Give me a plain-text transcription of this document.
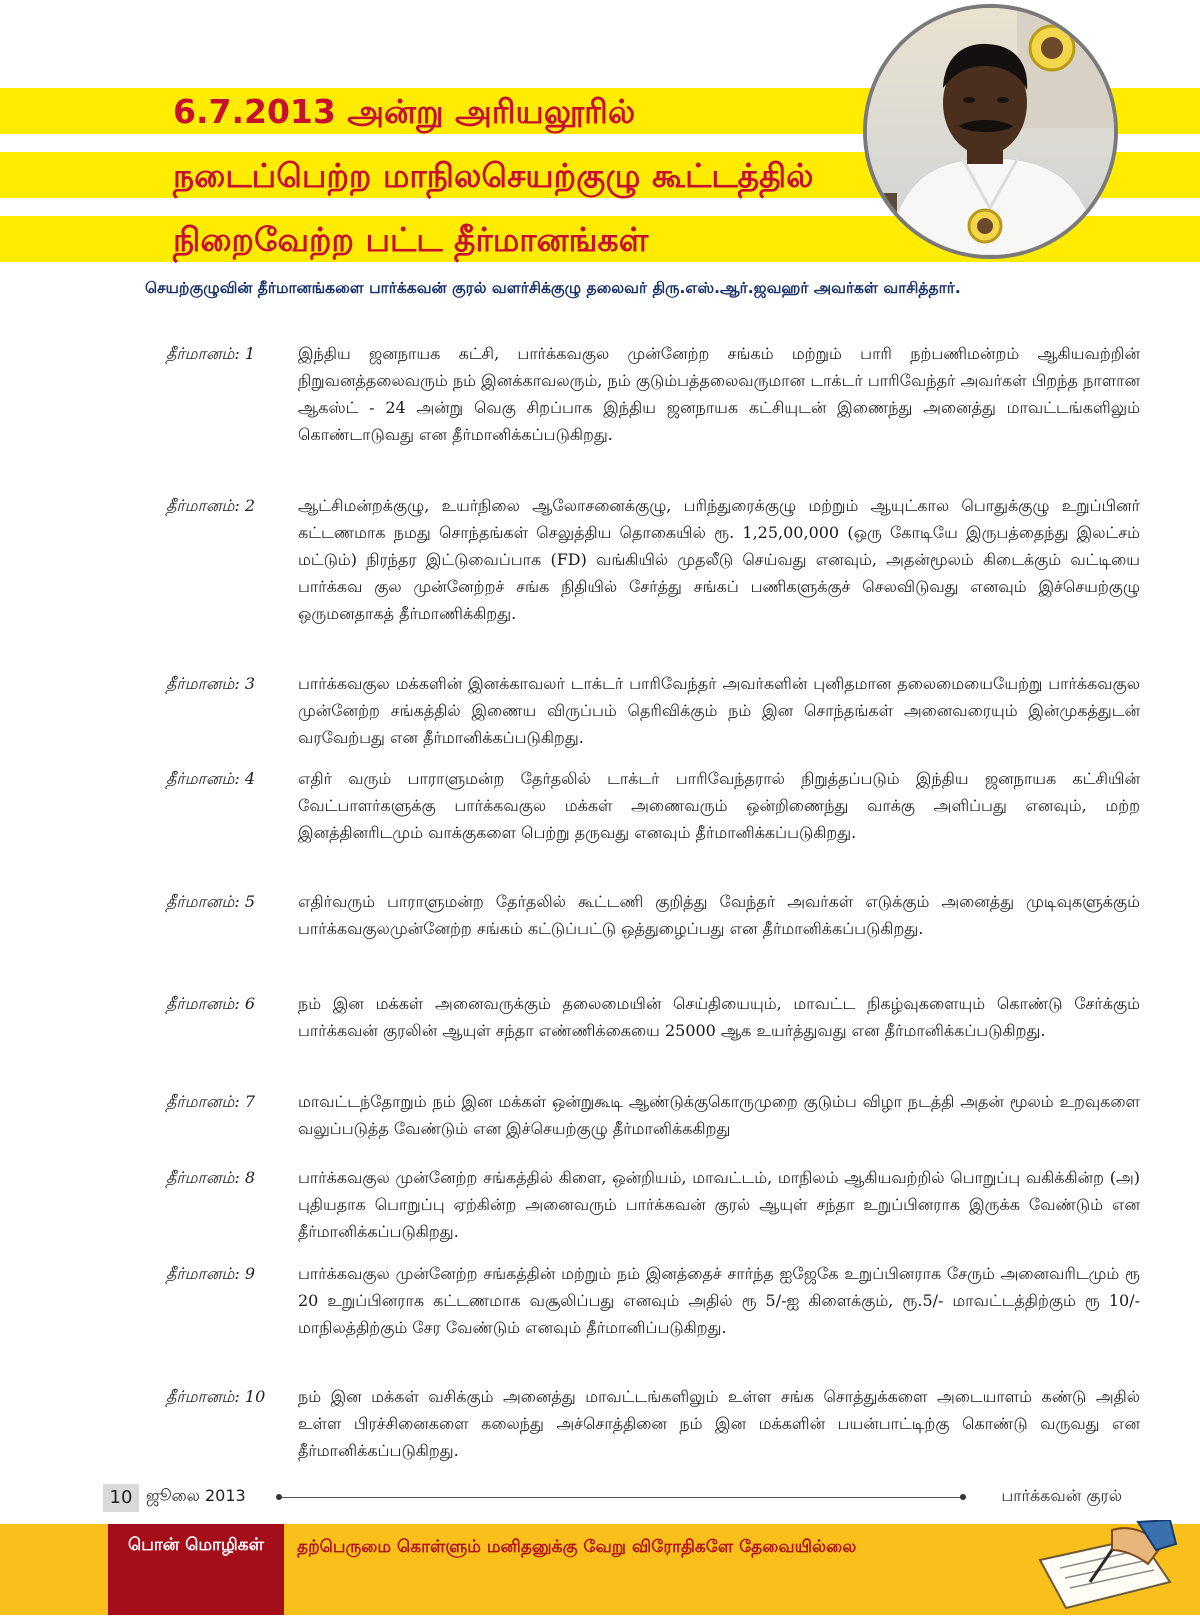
6.7.2013 அன்று அரியலூரில்
நடைப்பெற்ற மாநிலசெயற்குழு கூட்டத்தில்
நிறைவேற்ற பட்ட தீர்மானங்கள்

செயற்குழுவின் தீர்மானங்களை பார்க்கவன் குரல் வளர்சிக்குழு தலைவர் திரு.எஸ்.ஆர்.ஜவஹர் அவர்கள் வாசித்தார்.

தீர்மானம்: 1	இந்திய ஜனநாயக கட்சி, பார்க்கவகுல முன்னேற்ற சங்கம் மற்றும் பாரி நற்பணிமன்றம் ஆகியவற்றின் நிறுவனத்தலைவரும் நம் இனக்காவலரும், நம் குடும்பத்தலைவருமான டாக்டர் பாரிவேந்தர் அவர்கள் பிறந்த நாளான ஆகஸ்ட் - 24 அன்று வெகு சிறப்பாக இந்திய ஜனநாயக கட்சியுடன் இணைந்து அனைத்து மாவட்டங்களிலும் கொண்டாடுவது என தீர்மானிக்கப்படுகிறது.
தீர்மானம்: 2	ஆட்சிமன்றக்குழு, உயர்நிலை ஆலோசனைக்குழு, பரிந்துரைக்குழு மற்றும் ஆயுட்கால பொதுக்குழு உறுப்பினர் கட்டணமாக நமது சொந்தங்கள் செலுத்திய தொகையில் ரூ. 1,25,00,000 (ஒரு கோடியே இருபத்தைந்து இலட்சம் மட்டும்) நிரந்தர இட்டுவைப்பாக (FD) வங்கியில் முதலீடு செய்வது எனவும், அதன்மூலம் கிடைக்கும் வட்டியை பார்க்கவ குல முன்னேற்றச் சங்க நிதியில் சேர்த்து சங்கப் பணிகளுக்குச் செலவிடுவது எனவும் இச்செயற்குழு ஒருமனதாகத் தீர்மாணிக்கிறது.
தீர்மானம்: 3	பார்க்கவகுல மக்களின் இனக்காவலர் டாக்டர் பாரிவேந்தர் அவர்களின் புனிதமான தலைமையையேற்று பார்க்கவகுல முன்னேற்ற சங்கத்தில் இணைய விருப்பம் தெரிவிக்கும் நம் இன சொந்தங்கள் அனைவரையும் இன்முகத்துடன் வரவேற்பது என தீர்மானிக்கப்படுகிறது.
தீர்மானம்: 4	எதிர் வரும் பாராளுமன்ற தேர்தலில் டாக்டர் பாரிவேந்தரால் நிறுத்தப்படும் இந்திய ஜனநாயக கட்சியின் வேட்பாளர்களுக்கு பார்க்கவகுல மக்கள் அணைவரும் ஒன்றிணைந்து வாக்கு அளிப்பது எனவும், மற்ற இனத்தினரிடமும் வாக்குகளை பெற்று தருவது எனவும் தீர்மானிக்கப்படுகிறது.
தீர்மானம்: 5	எதிர்வரும் பாராளுமன்ற தேர்தலில் கூட்டணி குறித்து வேந்தர் அவர்கள் எடுக்கும் அனைத்து முடிவுகளுக்கும் பார்க்கவகுலமுன்னேற்ற சங்கம் கட்டுப்பட்டு ஒத்துழைப்பது என தீர்மானிக்கப்படுகிறது.
தீர்மானம்: 6	நம் இன மக்கள் அனைவருக்கும் தலைமையின் செய்தியையும், மாவட்ட நிகழ்வுகளையும் கொண்டு சேர்க்கும் பார்க்கவன் குரலின் ஆயுள் சந்தா எண்ணிக்கையை 25000 ஆக உயர்த்துவது என தீர்மானிக்கப்படுகிறது.
தீர்மானம்: 7	மாவட்டந்தோறும் நம் இன மக்கள் ஒன்றுகூடி ஆண்டுக்குகொருமுறை குடும்ப விழா நடத்தி அதன் மூலம் உறவுகளை வலுப்படுத்த வேண்டும் என இச்செயற்குழு தீர்மானிக்ககிறது
தீர்மானம்: 8	பார்க்கவகுல முன்னேற்ற சங்கத்தில் கிளை, ஒன்றியம், மாவட்டம், மாநிலம் ஆகியவற்றில் பொறுப்பு வகிக்கின்ற (அ) புதியதாக பொறுப்பு ஏற்கின்ற அனைவரும் பார்க்கவன் குரல் ஆயுள் சந்தா உறுப்பினராக இருக்க வேண்டும் என தீர்மானிக்கப்படுகிறது.
தீர்மானம்: 9	பார்க்கவகுல முன்னேற்ற சங்கத்தின் மற்றும் நம் இனத்தைச் சார்ந்த ஐஜேகே உறுப்பினராக சேரும் அனைவரிடமும் ரூ 20 உறுப்பினராக கட்டணமாக வசூலிப்பது எனவும் அதில் ரூ 5/-ஐ கிளைக்கும், ரூ.5/- மாவட்டத்திற்கும் ரூ 10/- மாநிலத்திற்கும் சேர வேண்டும் எனவும் தீர்மானிப்படுகிறது.
தீர்மானம்: 10	நம் இன மக்கள் வசிக்கும் அனைத்து மாவட்டங்களிலும் உள்ள சங்க சொத்துக்களை அடையாளம் கண்டு அதில் உள்ள பிரச்சினைகளை கலைந்து அச்சொத்தினை நம் இன மக்களின் பயன்பாட்டிற்கு கொண்டு வருவது என தீர்மானிக்கப்படுகிறது.
10 ஜூலை 2013	பார்க்கவன் குரல்
பொன் மொழிகள்	தற்பெருமை கொள்ளும் மனிதனுக்கு வேறு விரோதிகளே தேவையில்லை
